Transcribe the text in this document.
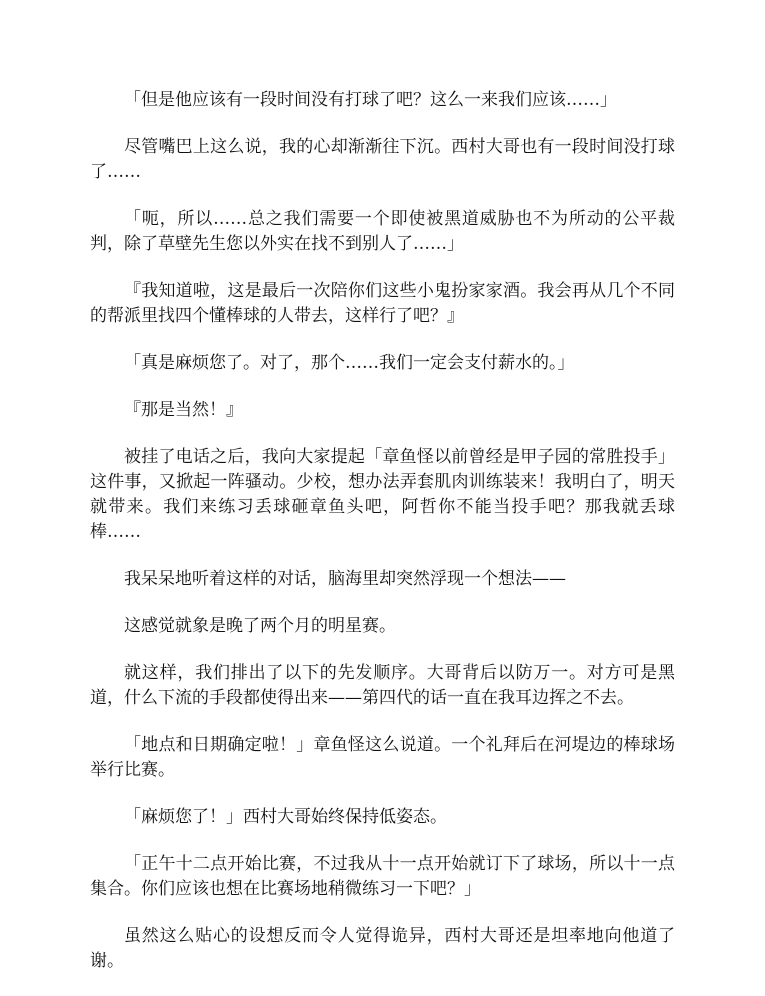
「但是他应该有一段时间没有打球了吧？这么一来我们应该……」

尽管嘴巴上这么说，我的心却渐渐往下沉。西村大哥也有一段时间没打球了……

「呃，所以……总之我们需要一个即使被黑道威胁也不为所动的公平裁判，除了草壁先生您以外实在找不到别人了……」

『我知道啦，这是最后一次陪你们这些小鬼扮家家酒。我会再从几个不同的帮派里找四个懂棒球的人带去，这样行了吧？』

「真是麻烦您了。对了，那个……我们一定会支付薪水的。」

『那是当然！』

被挂了电话之后，我向大家提起「章鱼怪以前曾经是甲子园的常胜投手」这件事，又掀起一阵骚动。少校，想办法弄套肌肉训练装来！我明白了，明天就带来。我们来练习丢球砸章鱼头吧，阿哲你不能当投手吧？那我就丢球棒……

我呆呆地听着这样的对话，脑海里却突然浮现一个想法——

这感觉就象是晚了两个月的明星赛。

就这样，我们排出了以下的先发顺序。大哥背后以防万一。对方可是黑道，什么下流的手段都使得出来——第四代的话一直在我耳边挥之不去。

「地点和日期确定啦！」章鱼怪这么说道。一个礼拜后在河堤边的棒球场举行比赛。

「麻烦您了！」西村大哥始终保持低姿态。

「正午十二点开始比赛，不过我从十一点开始就订下了球场，所以十一点集合。你们应该也想在比赛场地稍微练习一下吧？」

虽然这么贴心的设想反而令人觉得诡异，西村大哥还是坦率地向他道了谢。
